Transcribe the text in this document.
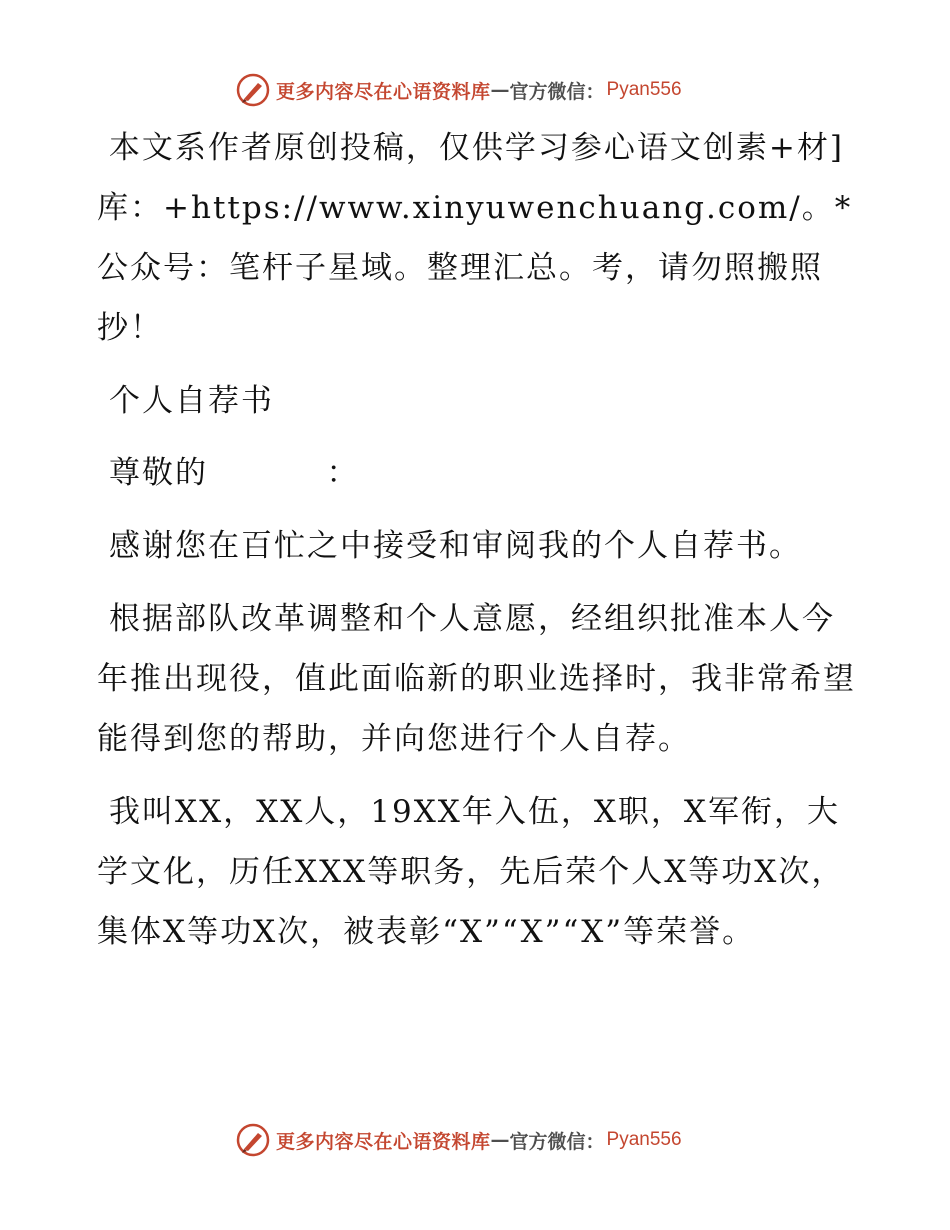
更多内容尽在心语资料库 — 官方微信： Pyan556

本文系作者原创投稿，仅供学习参心语文创素+材]库：+https://www.xinyuwenchuang.com/。*公众号：笔杆子星域。整理汇总。考，请勿照搬照抄！

个人自荐书

尊敬的          ：

感谢您在百忙之中接受和审阅我的个人自荐书。

根据部队改革调整和个人意愿，经组织批准本人今年推出现役，值此面临新的职业选择时，我非常希望能得到您的帮助，并向您进行个人自荐。

我叫XX，XX人，19XX年入伍，X职，X军衔，大学文化，历任XXX等职务，先后荣个人X等功X次，集体X等功X次，被表彰“X”“X”“X”等荣誉。

更多内容尽在心语资料库 — 官方微信： Pyan556
